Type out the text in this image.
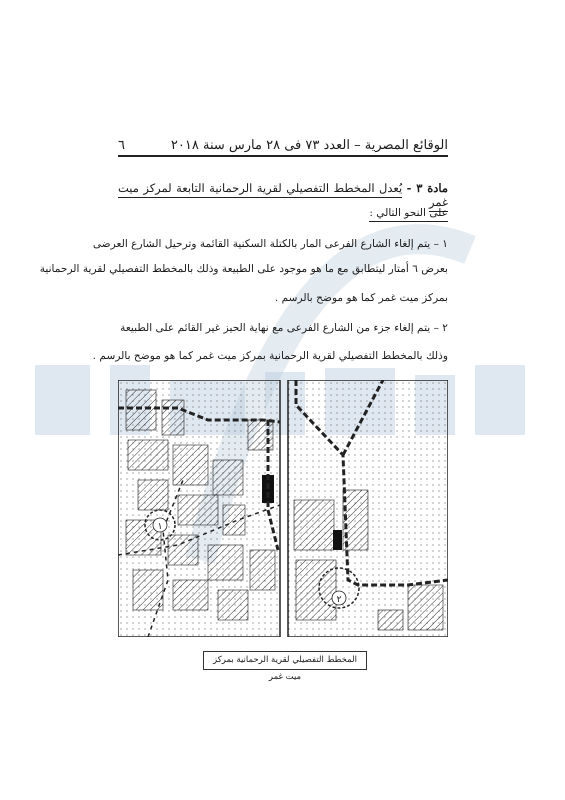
الوقائع المصرية – العدد ٧٣ فى ٢٨ مارس سنة ٢٠١٨
٦
مادة ٣ - يُعدل المخطط التفصيلي لقرية الرحمانية التابعة لمركز ميت غمر
على النحو التالي :
١ – يتم إلغاء الشارع الفرعى المار بالكتلة السكنية القائمة وترحيل الشارع العرضى
بعرض ٦ أمتار ليتطابق مع ما هو موجود على الطبيعة وذلك بالمخطط التفصيلي لقرية الرحمانية
بمركز ميت غمر كما هو موضح بالرسم .
٢ – يتم إلغاء جزء من الشارع الفرعى مع نهاية الحيز غير القائم على الطبيعة
وذلك بالمخطط التفصيلي لقرية الرحمانية بمركز ميت غمر كما هو موضح بالرسم .
١
٢
المخطط التفصيلي لقرية الرحمانية بمركز ميت غمر
